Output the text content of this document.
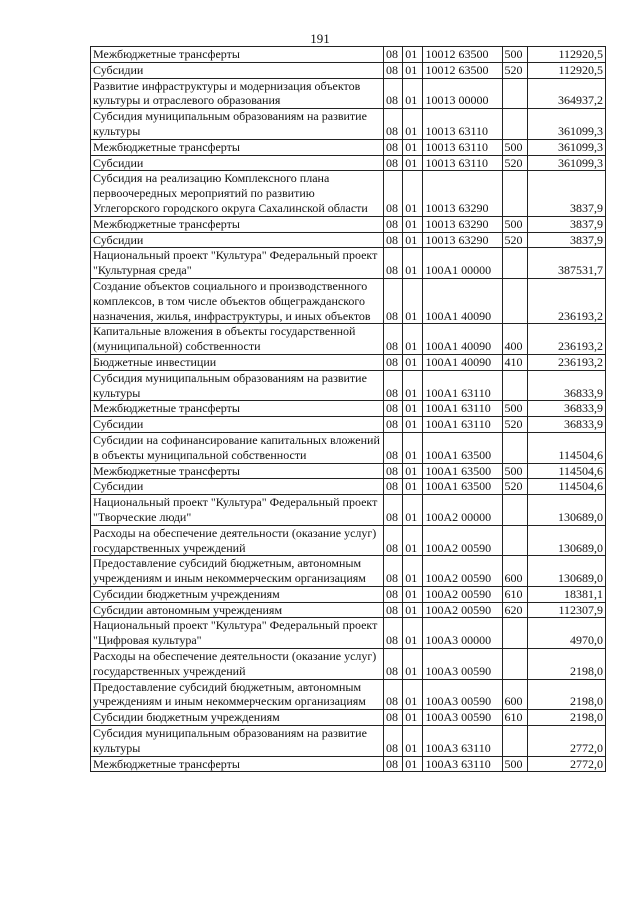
191
Межбюджетные трансферты	08	01	10012 63500	500	112920,5
Субсидии	08	01	10012 63500	520	112920,5
Развитие инфраструктуры и модернизация объектов культуры и отраслевого образования	08	01	10013 00000		364937,2
Субсидия муниципальным образованиям на развитие культуры	08	01	10013 63110		361099,3
Межбюджетные трансферты	08	01	10013 63110	500	361099,3
Субсидии	08	01	10013 63110	520	361099,3
Субсидия на реализацию Комплексного плана первоочередных мероприятий по развитию Углегорского городского округа Сахалинской области	08	01	10013 63290		3837,9
Межбюджетные трансферты	08	01	10013 63290	500	3837,9
Субсидии	08	01	10013 63290	520	3837,9
Национальный проект "Культура" Федеральный проект "Культурная среда"	08	01	100А1 00000		387531,7
Создание объектов социального и производственного комплексов, в том числе объектов общегражданского назначения, жилья, инфраструктуры, и иных объектов	08	01	100А1 40090		236193,2
Капитальные вложения в объекты государственной (муниципальной) собственности	08	01	100А1 40090	400	236193,2
Бюджетные инвестиции	08	01	100А1 40090	410	236193,2
Субсидия муниципальным образованиям на развитие культуры	08	01	100А1 63110		36833,9
Межбюджетные трансферты	08	01	100А1 63110	500	36833,9
Субсидии	08	01	100А1 63110	520	36833,9
Субсидии на софинансирование капитальных вложений в объекты муниципальной собственности	08	01	100А1 63500		114504,6
Межбюджетные трансферты	08	01	100А1 63500	500	114504,6
Субсидии	08	01	100А1 63500	520	114504,6
Национальный проект "Культура" Федеральный проект "Творческие люди"	08	01	100А2 00000		130689,0
Расходы на обеспечение деятельности (оказание услуг) государственных учреждений	08	01	100А2 00590		130689,0
Предоставление субсидий бюджетным, автономным учреждениям и иным некоммерческим организациям	08	01	100А2 00590	600	130689,0
Субсидии бюджетным учреждениям	08	01	100А2 00590	610	18381,1
Субсидии автономным учреждениям	08	01	100А2 00590	620	112307,9
Национальный проект "Культура" Федеральный проект "Цифровая культура"	08	01	100А3 00000		4970,0
Расходы на обеспечение деятельности (оказание услуг) государственных учреждений	08	01	100А3 00590		2198,0
Предоставление субсидий бюджетным, автономным учреждениям и иным некоммерческим организациям	08	01	100А3 00590	600	2198,0
Субсидии бюджетным учреждениям	08	01	100А3 00590	610	2198,0
Субсидия муниципальным образованиям на развитие культуры	08	01	100А3 63110		2772,0
Межбюджетные трансферты	08	01	100А3 63110	500	2772,0
